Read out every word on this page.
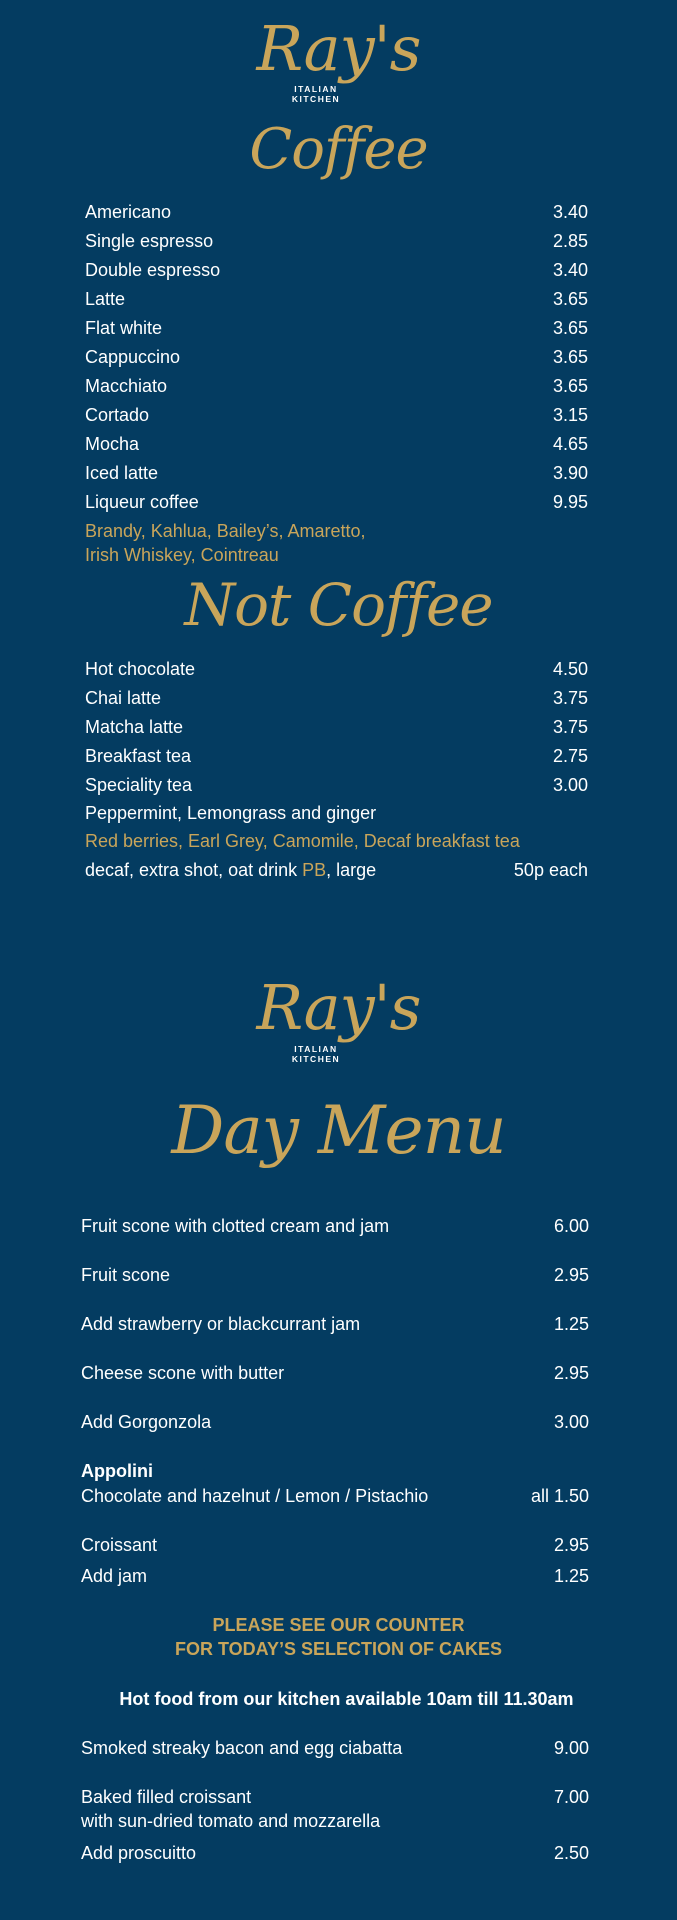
Ray's
ITALIAN
KITCHEN
Coffee
Americano	3.40
Single espresso	2.85
Double espresso	3.40
Latte	3.65
Flat white	3.65
Cappuccino	3.65
Macchiato	3.65
Cortado	3.15
Mocha	4.65
Iced latte	3.90
Liqueur coffee	9.95
Brandy, Kahlua, Bailey’s, Amaretto,
Irish Whiskey, Cointreau
Not Coffee
Hot chocolate	4.50
Chai latte	3.75
Matcha latte	3.75
Breakfast tea	2.75
Speciality tea	3.00
decaf, extra shot, oat drink PB, large	50p each
Peppermint, Lemongrass and ginger
Red berries, Earl Grey, Camomile, Decaf breakfast tea
Ray's
ITALIAN
KITCHEN
Day Menu
Fruit scone with clotted cream and jam	6.00
Fruit scone	2.95
Add strawberry or blackcurrant jam	1.25
Cheese scone with butter	2.95
Add Gorgonzola	3.00
Appolini
Chocolate and hazelnut / Lemon / Pistachio	all 1.50
Croissant	2.95
Add jam	1.25
Smoked streaky bacon and egg ciabatta	9.00
Baked filled croissant	7.00
with sun-dried tomato and mozzarella
Add proscuitto	2.50
PLEASE SEE OUR COUNTER
FOR TODAY’S SELECTION OF CAKES
Hot food from our kitchen available 10am till 11.30am
